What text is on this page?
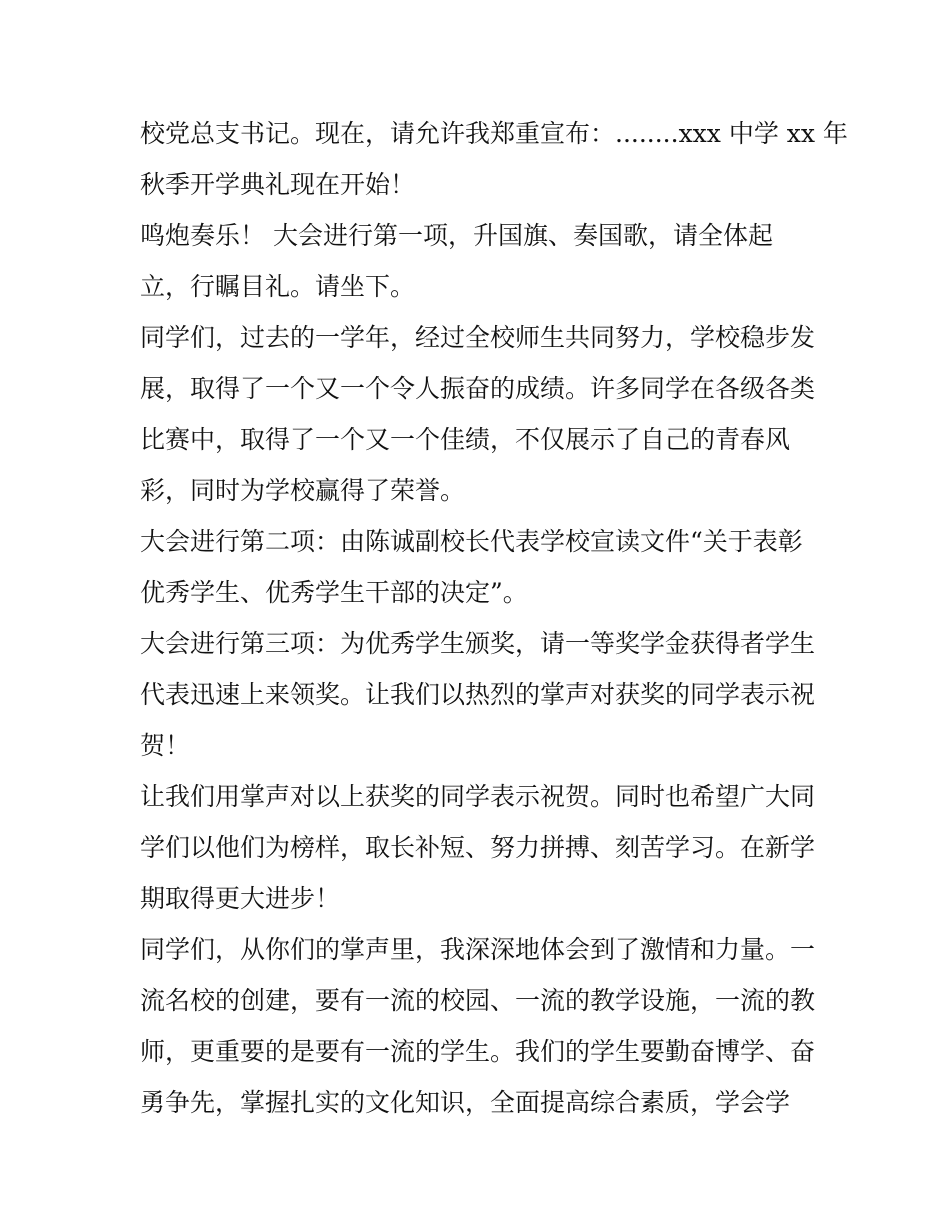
校党总支书记。现在，请允许我郑重宣布：........xxx 中学 xx 年
秋季开学典礼现在开始！
鸣炮奏乐！ 大会进行第一项，升国旗、奏国歌，请全体起
立，行瞩目礼。请坐下。
同学们，过去的一学年，经过全校师生共同努力，学校稳步发
展，取得了一个又一个令人振奋的成绩。许多同学在各级各类
比赛中，取得了一个又一个佳绩，不仅展示了自己的青春风
彩，同时为学校赢得了荣誉。
大会进行第二项：由陈诚副校长代表学校宣读文件“关于表彰
优秀学生、优秀学生干部的决定”。
大会进行第三项：为优秀学生颁奖，请一等奖学金获得者学生
代表迅速上来领奖。让我们以热烈的掌声对获奖的同学表示祝
贺！
让我们用掌声对以上获奖的同学表示祝贺。同时也希望广大同
学们以他们为榜样，取长补短、努力拼搏、刻苦学习。在新学
期取得更大进步！
同学们，从你们的掌声里，我深深地体会到了激情和力量。一
流名校的创建，要有一流的校园、一流的教学设施，一流的教
师，更重要的是要有一流的学生。我们的学生要勤奋博学、奋
勇争先，掌握扎实的文化知识，全面提高综合素质，学会学
